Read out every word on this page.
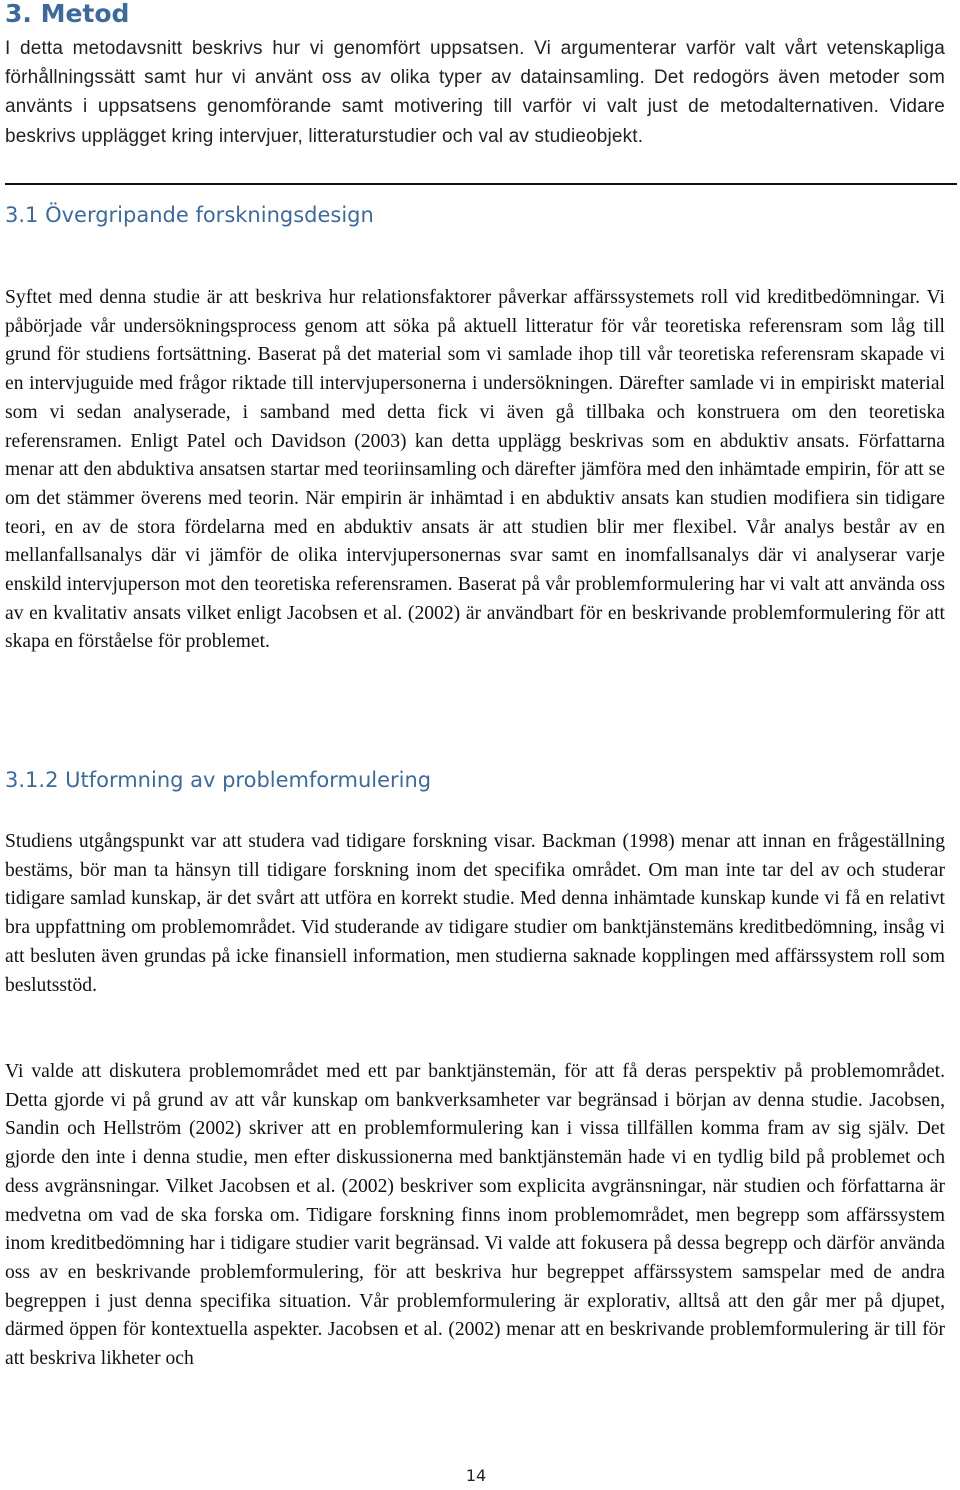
3. Metod

I detta metodavsnitt beskrivs hur vi genomfört uppsatsen. Vi argumenterar varför valt vårt vetenskapliga förhållningssätt samt hur vi använt oss av olika typer av datainsamling. Det redogörs även metoder som använts i uppsatsens genomförande samt motivering till varför vi valt just de metodalternativen. Vidare beskrivs upplägget kring intervjuer, litteraturstudier och val av studieobjekt.

3.1 Övergripande forskningsdesign

Syftet med denna studie är att beskriva hur relationsfaktorer påverkar affärssystemets roll vid kreditbedömningar. Vi påbörjade vår undersökningsprocess genom att söka på aktuell litteratur för vår teoretiska referensram som låg till grund för studiens fortsättning. Baserat på det material som vi samlade ihop till vår teoretiska referensram skapade vi en intervjuguide med frågor riktade till intervjupersonerna i undersökningen. Därefter samlade vi in empiriskt material som vi sedan analyserade, i samband med detta fick vi även gå tillbaka och konstruera om den teoretiska referensramen. Enligt Patel och Davidson (2003) kan detta upplägg beskrivas som en abduktiv ansats. Författarna menar att den abduktiva ansatsen startar med teoriinsamling och därefter jämföra med den inhämtade empirin, för att se om det stämmer överens med teorin. När empirin är inhämtad i en abduktiv ansats kan studien modifiera sin tidigare teori, en av de stora fördelarna med en abduktiv ansats är att studien blir mer flexibel. Vår analys består av en mellanfallsanalys där vi jämför de olika intervjupersonernas svar samt en inomfallsanalys där vi analyserar varje enskild intervjuperson mot den teoretiska referensramen. Baserat på vår problemformulering har vi valt att använda oss av en kvalitativ ansats vilket enligt Jacobsen et al. (2002) är användbart för en beskrivande problemformulering för att skapa en förståelse för problemet.

3.1.2 Utformning av problemformulering

Studiens utgångspunkt var att studera vad tidigare forskning visar. Backman (1998) menar att innan en frågeställning bestäms, bör man ta hänsyn till tidigare forskning inom det specifika området. Om man inte tar del av och studerar tidigare samlad kunskap, är det svårt att utföra en korrekt studie. Med denna inhämtade kunskap kunde vi få en relativt bra uppfattning om problemområdet. Vid studerande av tidigare studier om banktjänstemäns kreditbedömning, insåg vi att besluten även grundas på icke finansiell information, men studierna saknade kopplingen med affärssystem roll som beslutsstöd.

Vi valde att diskutera problemområdet med ett par banktjänstemän, för att få deras perspektiv på problemområdet. Detta gjorde vi på grund av att vår kunskap om bankverksamheter var begränsad i början av denna studie. Jacobsen, Sandin och Hellström (2002) skriver att en problemformulering kan i vissa tillfällen komma fram av sig själv. Det gjorde den inte i denna studie, men efter diskussionerna med banktjänstemän hade vi en tydlig bild på problemet och dess avgränsningar. Vilket Jacobsen et al. (2002) beskriver som explicita avgränsningar, när studien och författarna är medvetna om vad de ska forska om. Tidigare forskning finns inom problemområdet, men begrepp som affärssystem inom kreditbedömning har i tidigare studier varit begränsad. Vi valde att fokusera på dessa begrepp och därför använda oss av en beskrivande problemformulering, för att beskriva hur begreppet affärssystem samspelar med de andra begreppen i just denna specifika situation. Vår problemformulering är explorativ, alltså att den går mer på djupet, därmed öppen för kontextuella aspekter. Jacobsen et al. (2002) menar att en beskrivande problemformulering är till för att beskriva likheter och

14
